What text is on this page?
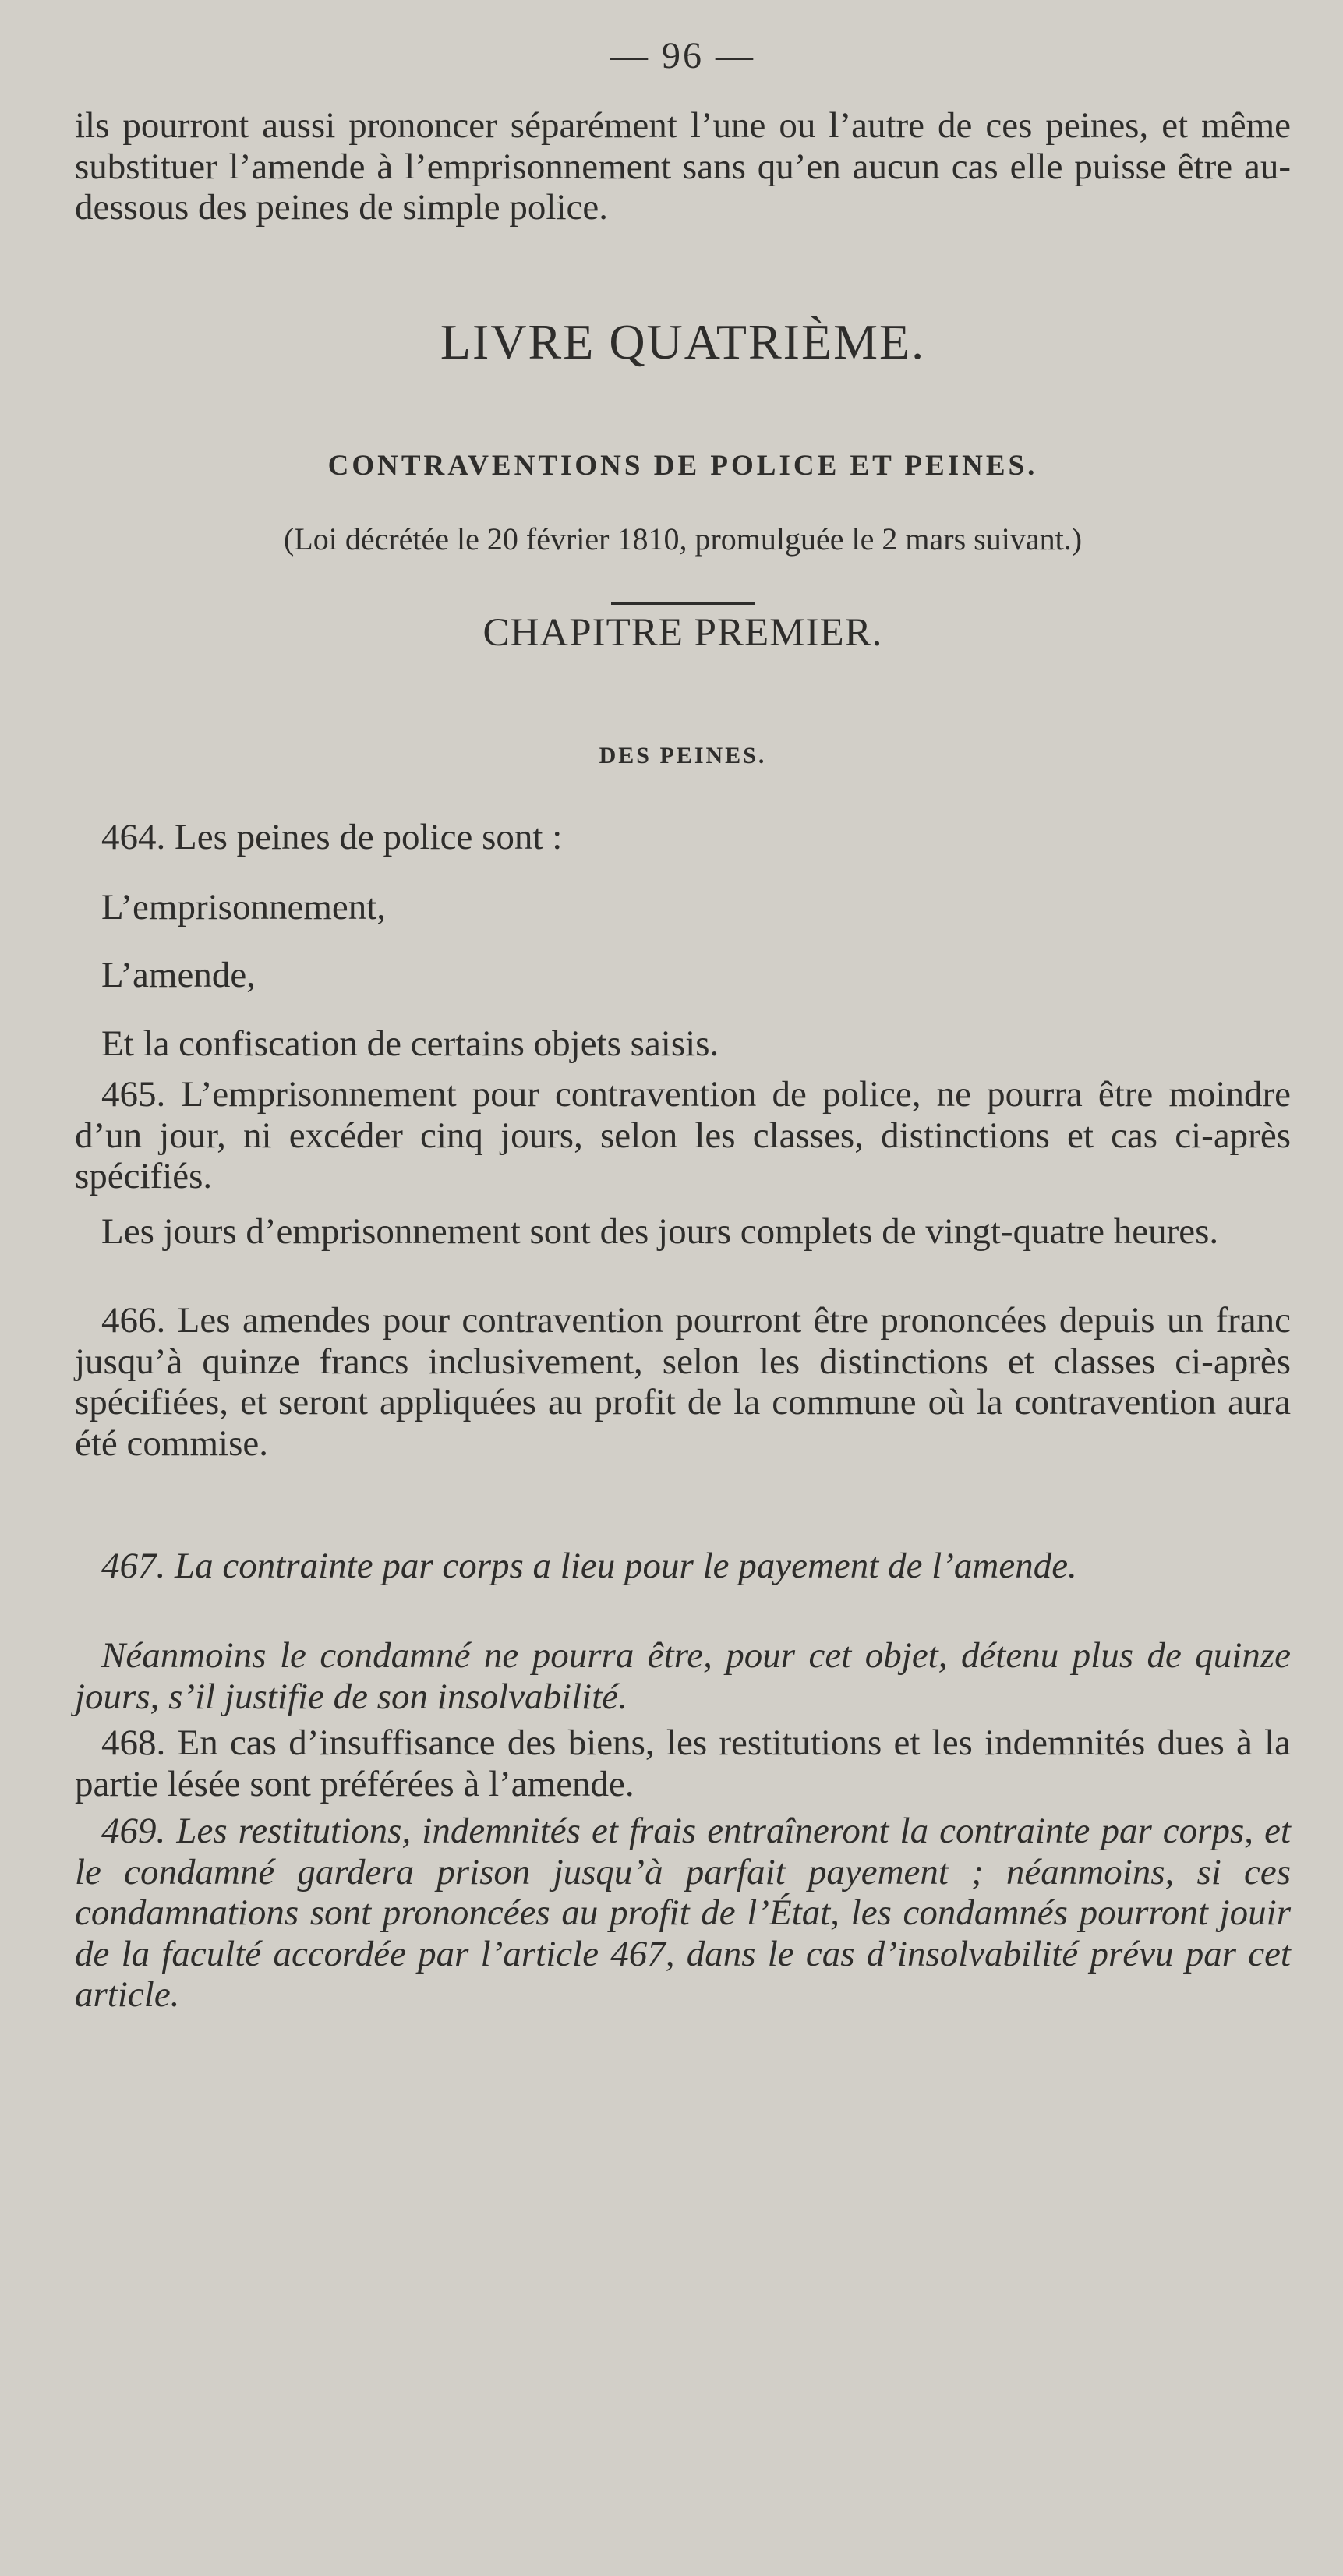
— 96 —

ils pourront aussi prononcer séparément l’une ou l’autre de ces peines, et même substituer l’amende à l’emprisonnement sans qu’en aucun cas elle puisse être au-dessous des peines de simple police.

LIVRE QUATRIÈME.
CONTRAVENTIONS DE POLICE ET PEINES.
(Loi décrétée le 20 février 1810, promulguée le 2 mars suivant.)
CHAPITRE PREMIER.
DES PEINES.
464. Les peines de police sont :
L’emprisonnement,
L’amende,
Et la confiscation de certains objets saisis.

465. L’emprisonnement pour contravention de police, ne pourra être moindre d’un jour, ni excéder cinq jours, selon les classes, distinctions et cas ci-après spécifiés.

Les jours d’emprisonnement sont des jours complets de vingt-quatre heures.

466. Les amendes pour contravention pourront être prononcées depuis un franc jusqu’à quinze francs inclusivement, selon les distinctions et classes ci-après spécifiées, et seront appliquées au profit de la commune où la contravention aura été commise.

467. La contrainte par corps a lieu pour le payement de l’amende.

Néanmoins le condamné ne pourra être, pour cet objet, détenu plus de quinze jours, s’il justifie de son insolvabilité.

468. En cas d’insuffisance des biens, les restitutions et les indemnités dues à la partie lésée sont préférées à l’amende.

469. Les restitutions, indemnités et frais entraîneront la contrainte par corps, et le condamné gardera prison jusqu’à parfait payement ; néanmoins, si ces condamnations sont prononcées au profit de l’État, les condamnés pourront jouir de la faculté accordée par l’article 467, dans le cas d’insolvabilité prévu par cet article.
